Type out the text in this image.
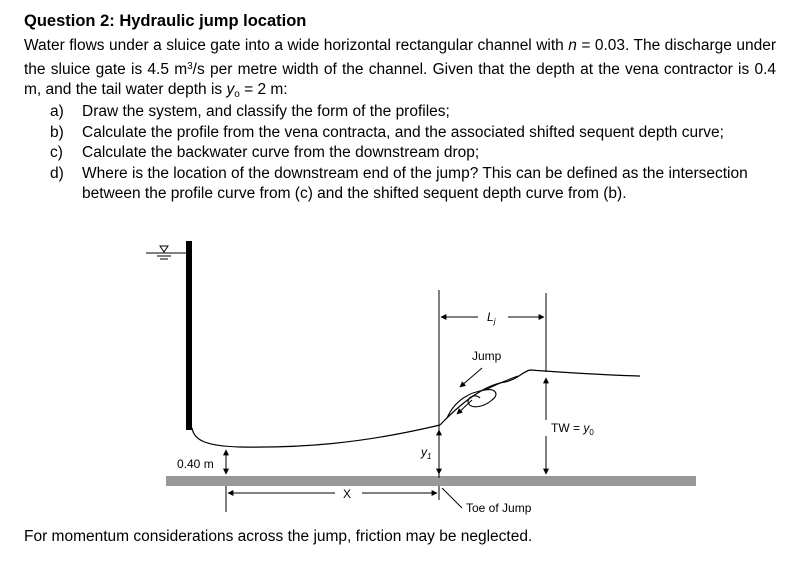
Question 2: Hydraulic jump location
Water flows under a sluice gate into a wide horizontal rectangular channel with n = 0.03. The discharge under the sluice gate is 4.5 $m^3/s$ per metre width of the channel. Given that the depth at the vena contractor is 0.4 m, and the tail water depth is $y_o = 2$ m:
a)	Draw the system, and classify the form of the profiles;
b)	Calculate the profile from the vena contracta, and the associated shifted sequent depth curve;
c)	Calculate the backwater curve from the downstream drop;
d)	Where is the location of the downstream end of the jump? This can be defined as the intersection between the profile curve from (c) and the shifted sequent depth curve from (b).
$L_j$
Jump
TW = $y_0$
$y_1$
0.40 m
X
Toe of Jump
For momentum considerations across the jump, friction may be neglected.
